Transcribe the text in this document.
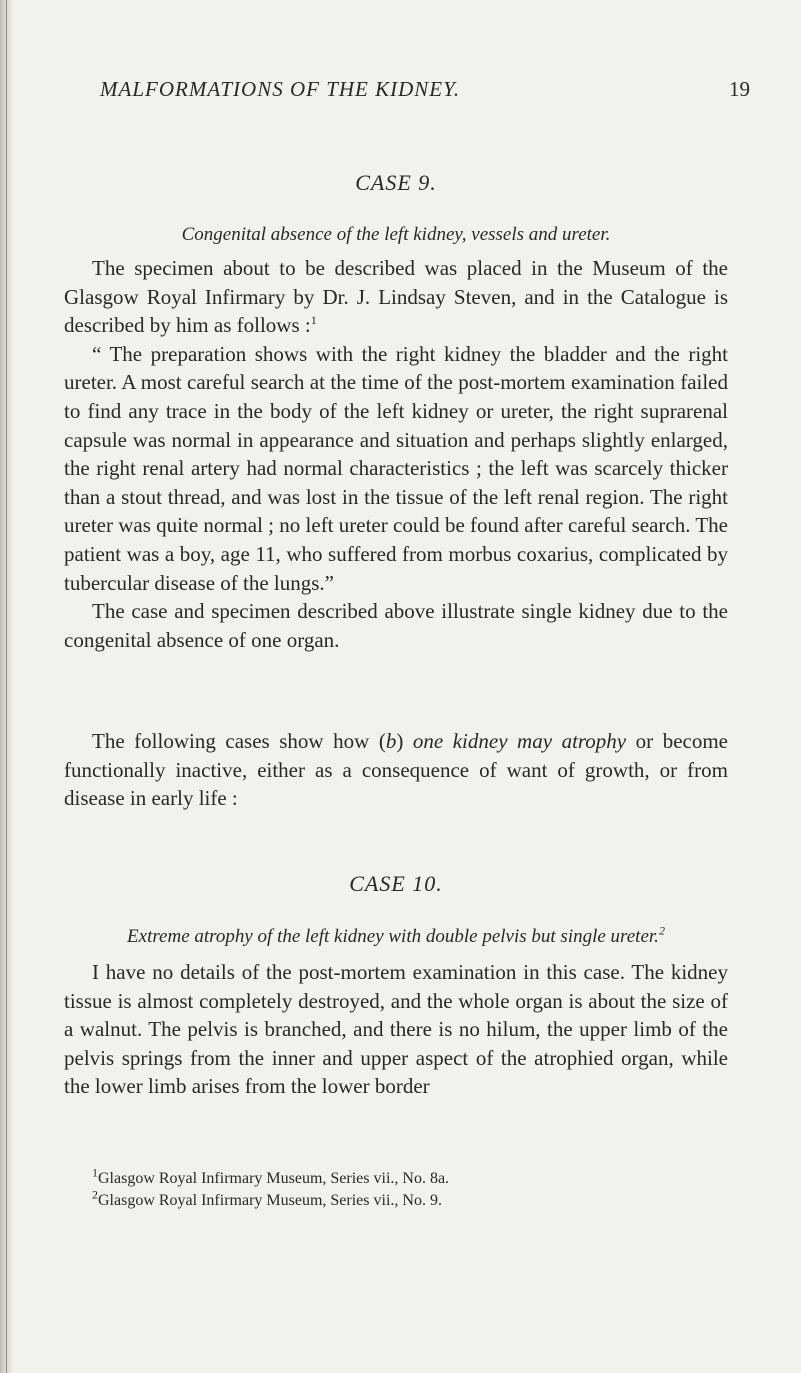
MALFORMATIONS OF THE KIDNEY.	19
CASE 9.
Congenital absence of the left kidney, vessels and ureter.

The specimen about to be described was placed in the Museum of the Glasgow Royal Infirmary by Dr. J. Lindsay Steven, and in the Catalogue is described by him as follows :$^1$

“ The preparation shows with the right kidney the bladder and the right ureter. A most careful search at the time of the post-mortem examination failed to find any trace in the body of the left kidney or ureter, the right suprarenal capsule was normal in appearance and situation and perhaps slightly enlarged, the right renal artery had normal characteristics ; the left was scarcely thicker than a stout thread, and was lost in the tissue of the left renal region. The right ureter was quite normal ; no left ureter could be found after careful search. The patient was a boy, age 11, who suffered from morbus coxarius, complicated by tubercular disease of the lungs.”

The case and specimen described above illustrate single kidney due to the congenital absence of one organ.

The following cases show how (b) one kidney may atrophy or become functionally inactive, either as a consequence of want of growth, or from disease in early life :

CASE 10.
Extreme atrophy of the left kidney with double pelvis but single ureter.$^2$

I have no details of the post-mortem examination in this case. The kidney tissue is almost completely destroyed, and the whole organ is about the size of a walnut. The pelvis is branched, and there is no hilum, the upper limb of the pelvis springs from the inner and upper aspect of the atrophied organ, while the lower limb arises from the lower border

$^1$Glasgow Royal Infirmary Museum, Series vii., No. 8a.
$^2$Glasgow Royal Infirmary Museum, Series vii., No. 9.
